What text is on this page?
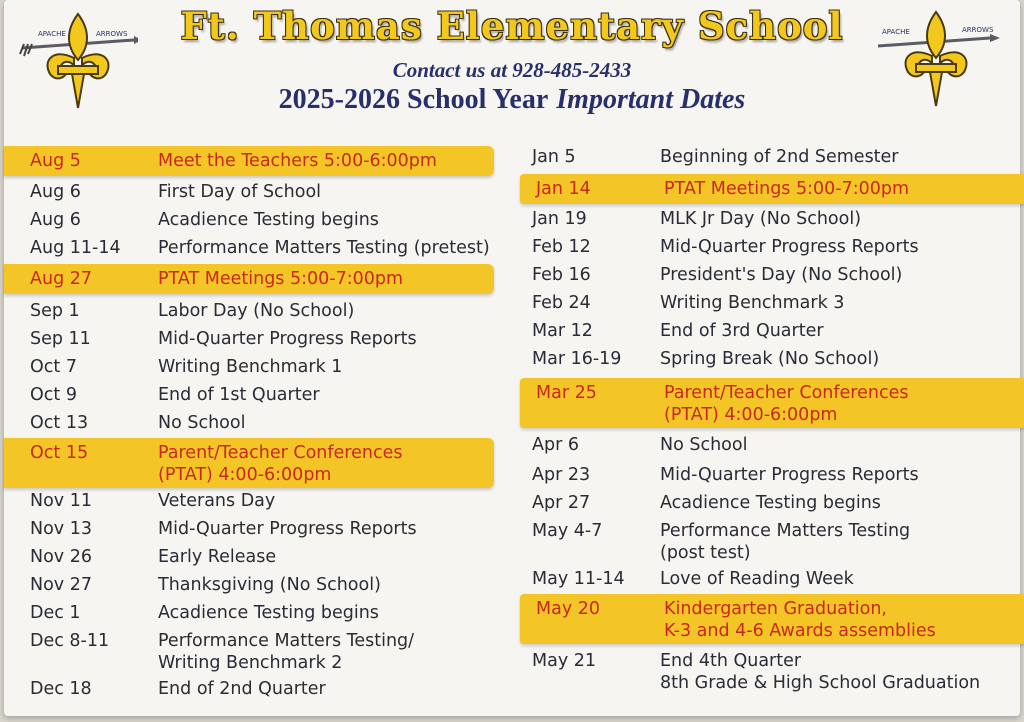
APACHE	ARROWS	APACHE	ARROWS
Ft. Thomas Elementary School
Contact us at 928-485-2433
2025-2026 School Year Important Dates
Aug 5	Meet the Teachers 5:00-6:00pm
Aug 6	First Day of School
Aug 6	Acadience Testing begins
Aug 11-14 Performance Matters Testing (pretest)
Aug 27	PTAT Meetings 5:00-7:00pm
Sep 1	Labor Day (No School)
Sep 11	Mid-Quarter Progress Reports
Oct 7	Writing Benchmark 1
Oct 9	End of 1st Quarter
Oct 13	No School
Oct 15	Parent/Teacher Conferences
(PTAT) 4:00-6:00pm
Nov 11	Veterans Day
Nov 13	Mid-Quarter Progress Reports
Nov 26	Early Release
Nov 27	Thanksgiving (No School)
Dec 1	Acadience Testing begins
Dec 8-11	Performance Matters Testing/
Writing Benchmark 2
Dec 18	End of 2nd Quarter
Jan 5	Beginning of 2nd Semester
Jan 14	PTAT Meetings 5:00-7:00pm
Jan 19	MLK Jr Day (No School)
Feb 12	Mid-Quarter Progress Reports
Feb 16	President's Day (No School)
Feb 24	Writing Benchmark 3
Mar 12	End of 3rd Quarter
Mar 16-19 Spring Break (No School)
Mar 25	Parent/Teacher Conferences
(PTAT) 4:00-6:00pm
Apr 6	No School
Apr 23	Mid-Quarter Progress Reports
Apr 27	Acadience Testing begins
May 4-7	Performance Matters Testing
(post test)
May 11-14 Love of Reading Week
May 20	Kindergarten Graduation,
K-3 and 4-6 Awards assemblies
May 21	End 4th Quarter
8th Grade & High School Graduation
